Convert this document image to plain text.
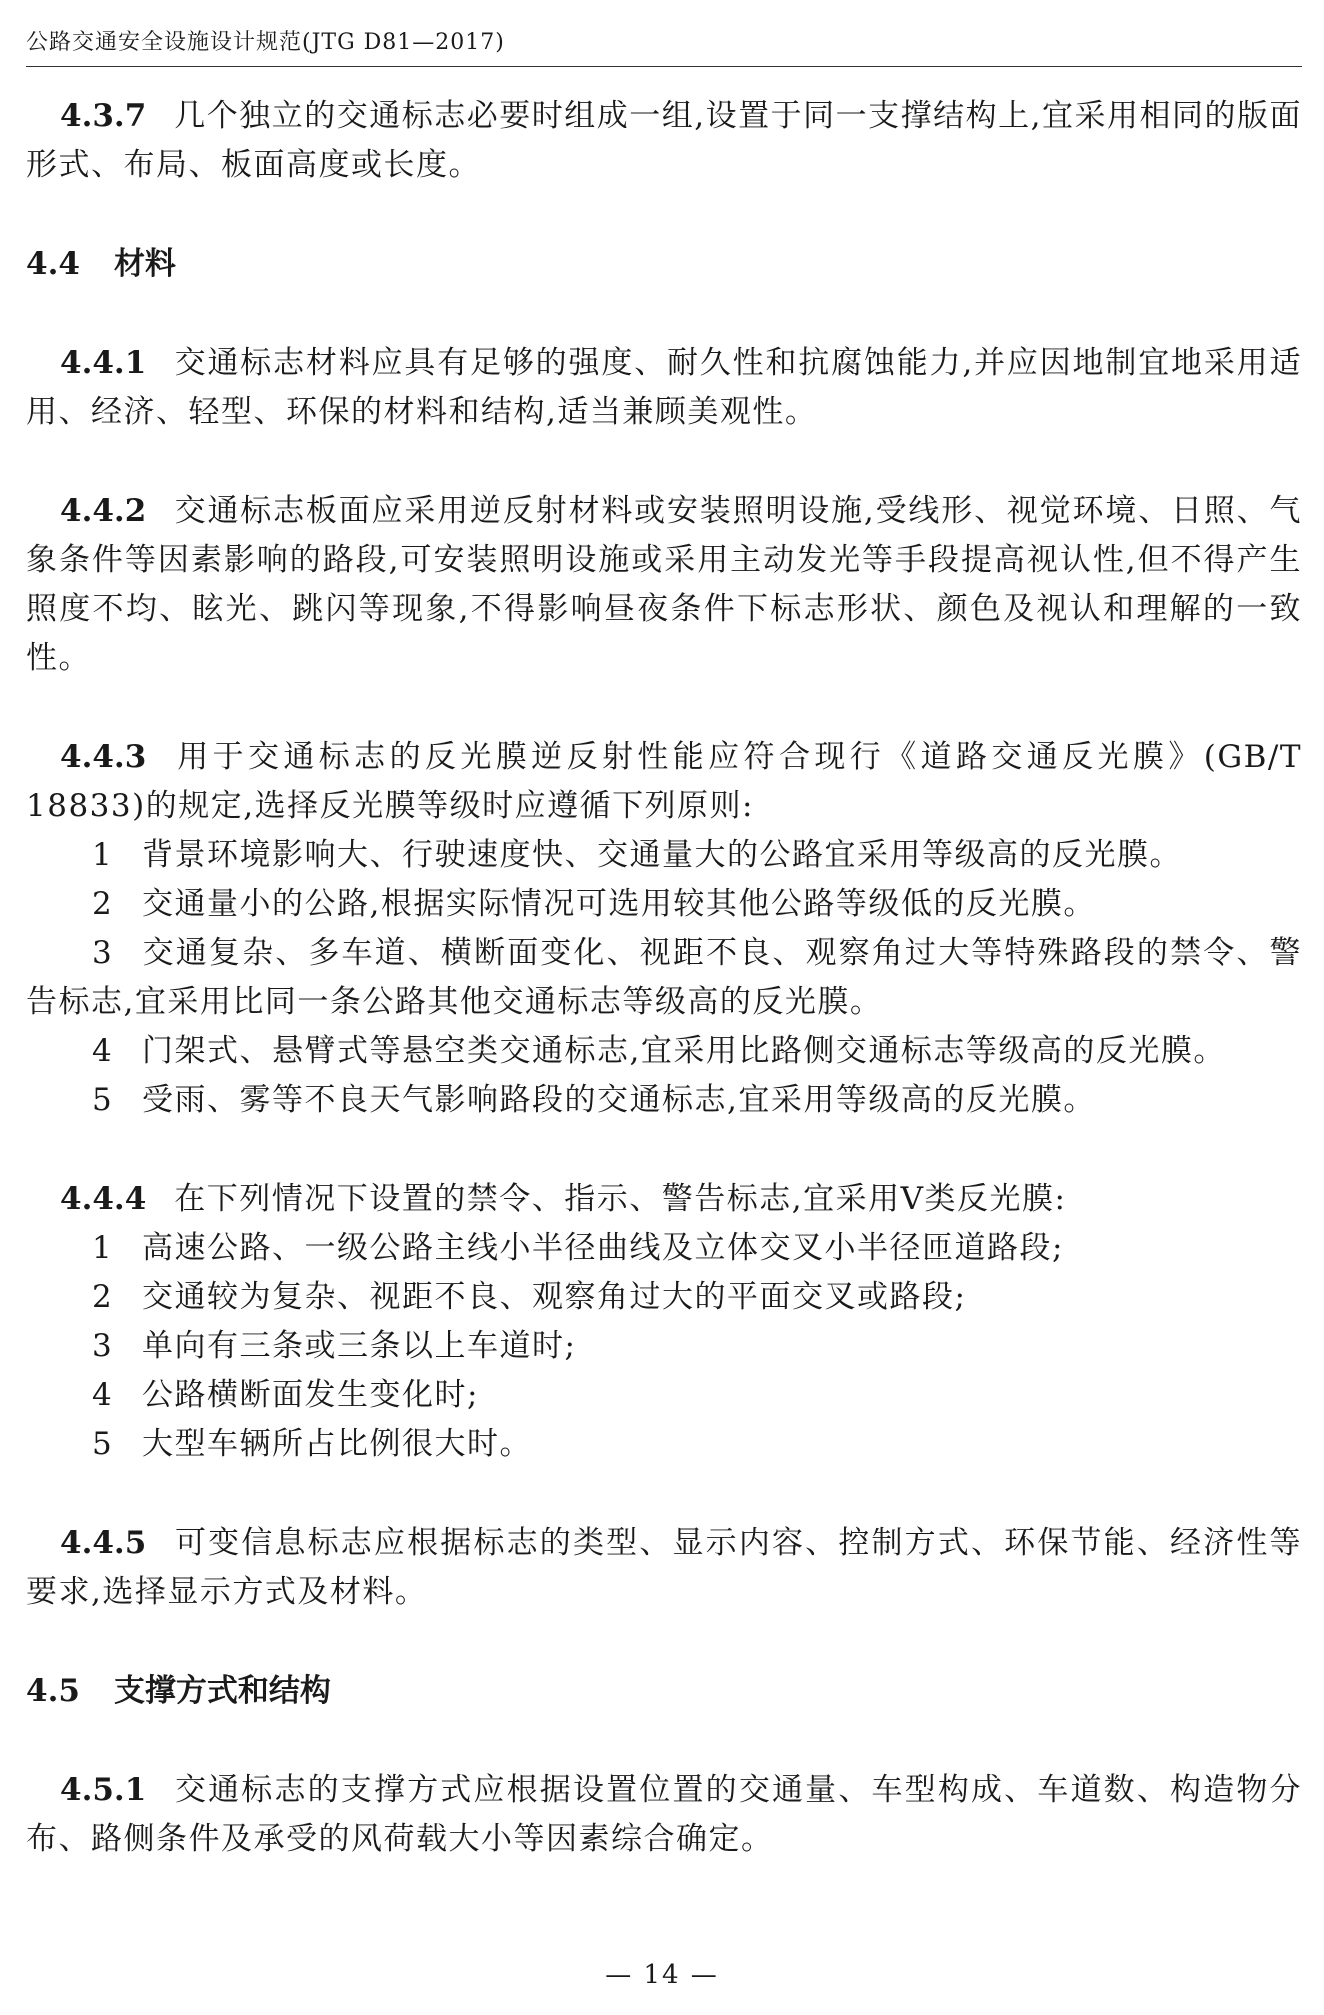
公路交通安全设施设计规范(JTG D81—2017)

4.3.7 几个独立的交通标志必要时组成一组,设置于同一支撑结构上,宜采用相同的版面形式、布局、板面高度或长度。

4.4 材料

4.4.1 交通标志材料应具有足够的强度、耐久性和抗腐蚀能力,并应因地制宜地采用适用、经济、轻型、环保的材料和结构,适当兼顾美观性。

4.4.2 交通标志板面应采用逆反射材料或安装照明设施,受线形、视觉环境、日照、气象条件等因素影响的路段,可安装照明设施或采用主动发光等手段提高视认性,但不得产生照度不均、眩光、跳闪等现象,不得影响昼夜条件下标志形状、颜色及视认和理解的一致性。

4.4.3 用于交通标志的反光膜逆反射性能应符合现行《道路交通反光膜》(GB/T 18833)的规定,选择反光膜等级时应遵循下列原则:

1 背景环境影响大、行驶速度快、交通量大的公路宜采用等级高的反光膜。

2 交通量小的公路,根据实际情况可选用较其他公路等级低的反光膜。

3 交通复杂、多车道、横断面变化、视距不良、观察角过大等特殊路段的禁令、警告标志,宜采用比同一条公路其他交通标志等级高的反光膜。

4 门架式、悬臂式等悬空类交通标志,宜采用比路侧交通标志等级高的反光膜。

5 受雨、雾等不良天气影响路段的交通标志,宜采用等级高的反光膜。

4.4.4 在下列情况下设置的禁令、指示、警告标志,宜采用Ⅴ类反光膜:

1 高速公路、一级公路主线小半径曲线及立体交叉小半径匝道路段;

2 交通较为复杂、视距不良、观察角过大的平面交叉或路段;

3 单向有三条或三条以上车道时;

4 公路横断面发生变化时;

5 大型车辆所占比例很大时。

4.4.5 可变信息标志应根据标志的类型、显示内容、控制方式、环保节能、经济性等要求,选择显示方式及材料。

4.5 支撑方式和结构

4.5.1 交通标志的支撑方式应根据设置位置的交通量、车型构成、车道数、构造物分布、路侧条件及承受的风荷载大小等因素综合确定。

— 14 —
